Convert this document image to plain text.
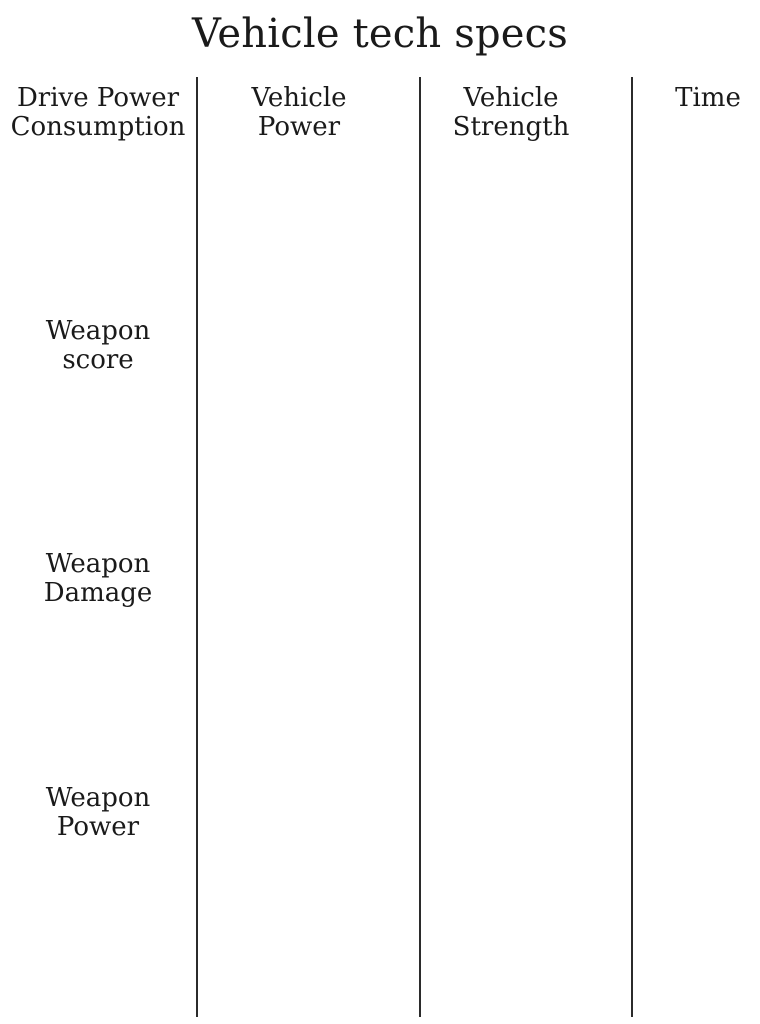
Vehicle tech specs
Drive Power
Consumption
Vehicle
Power
Vehicle
Strength
Time
Weapon
score
Weapon
Damage
Weapon
Power
